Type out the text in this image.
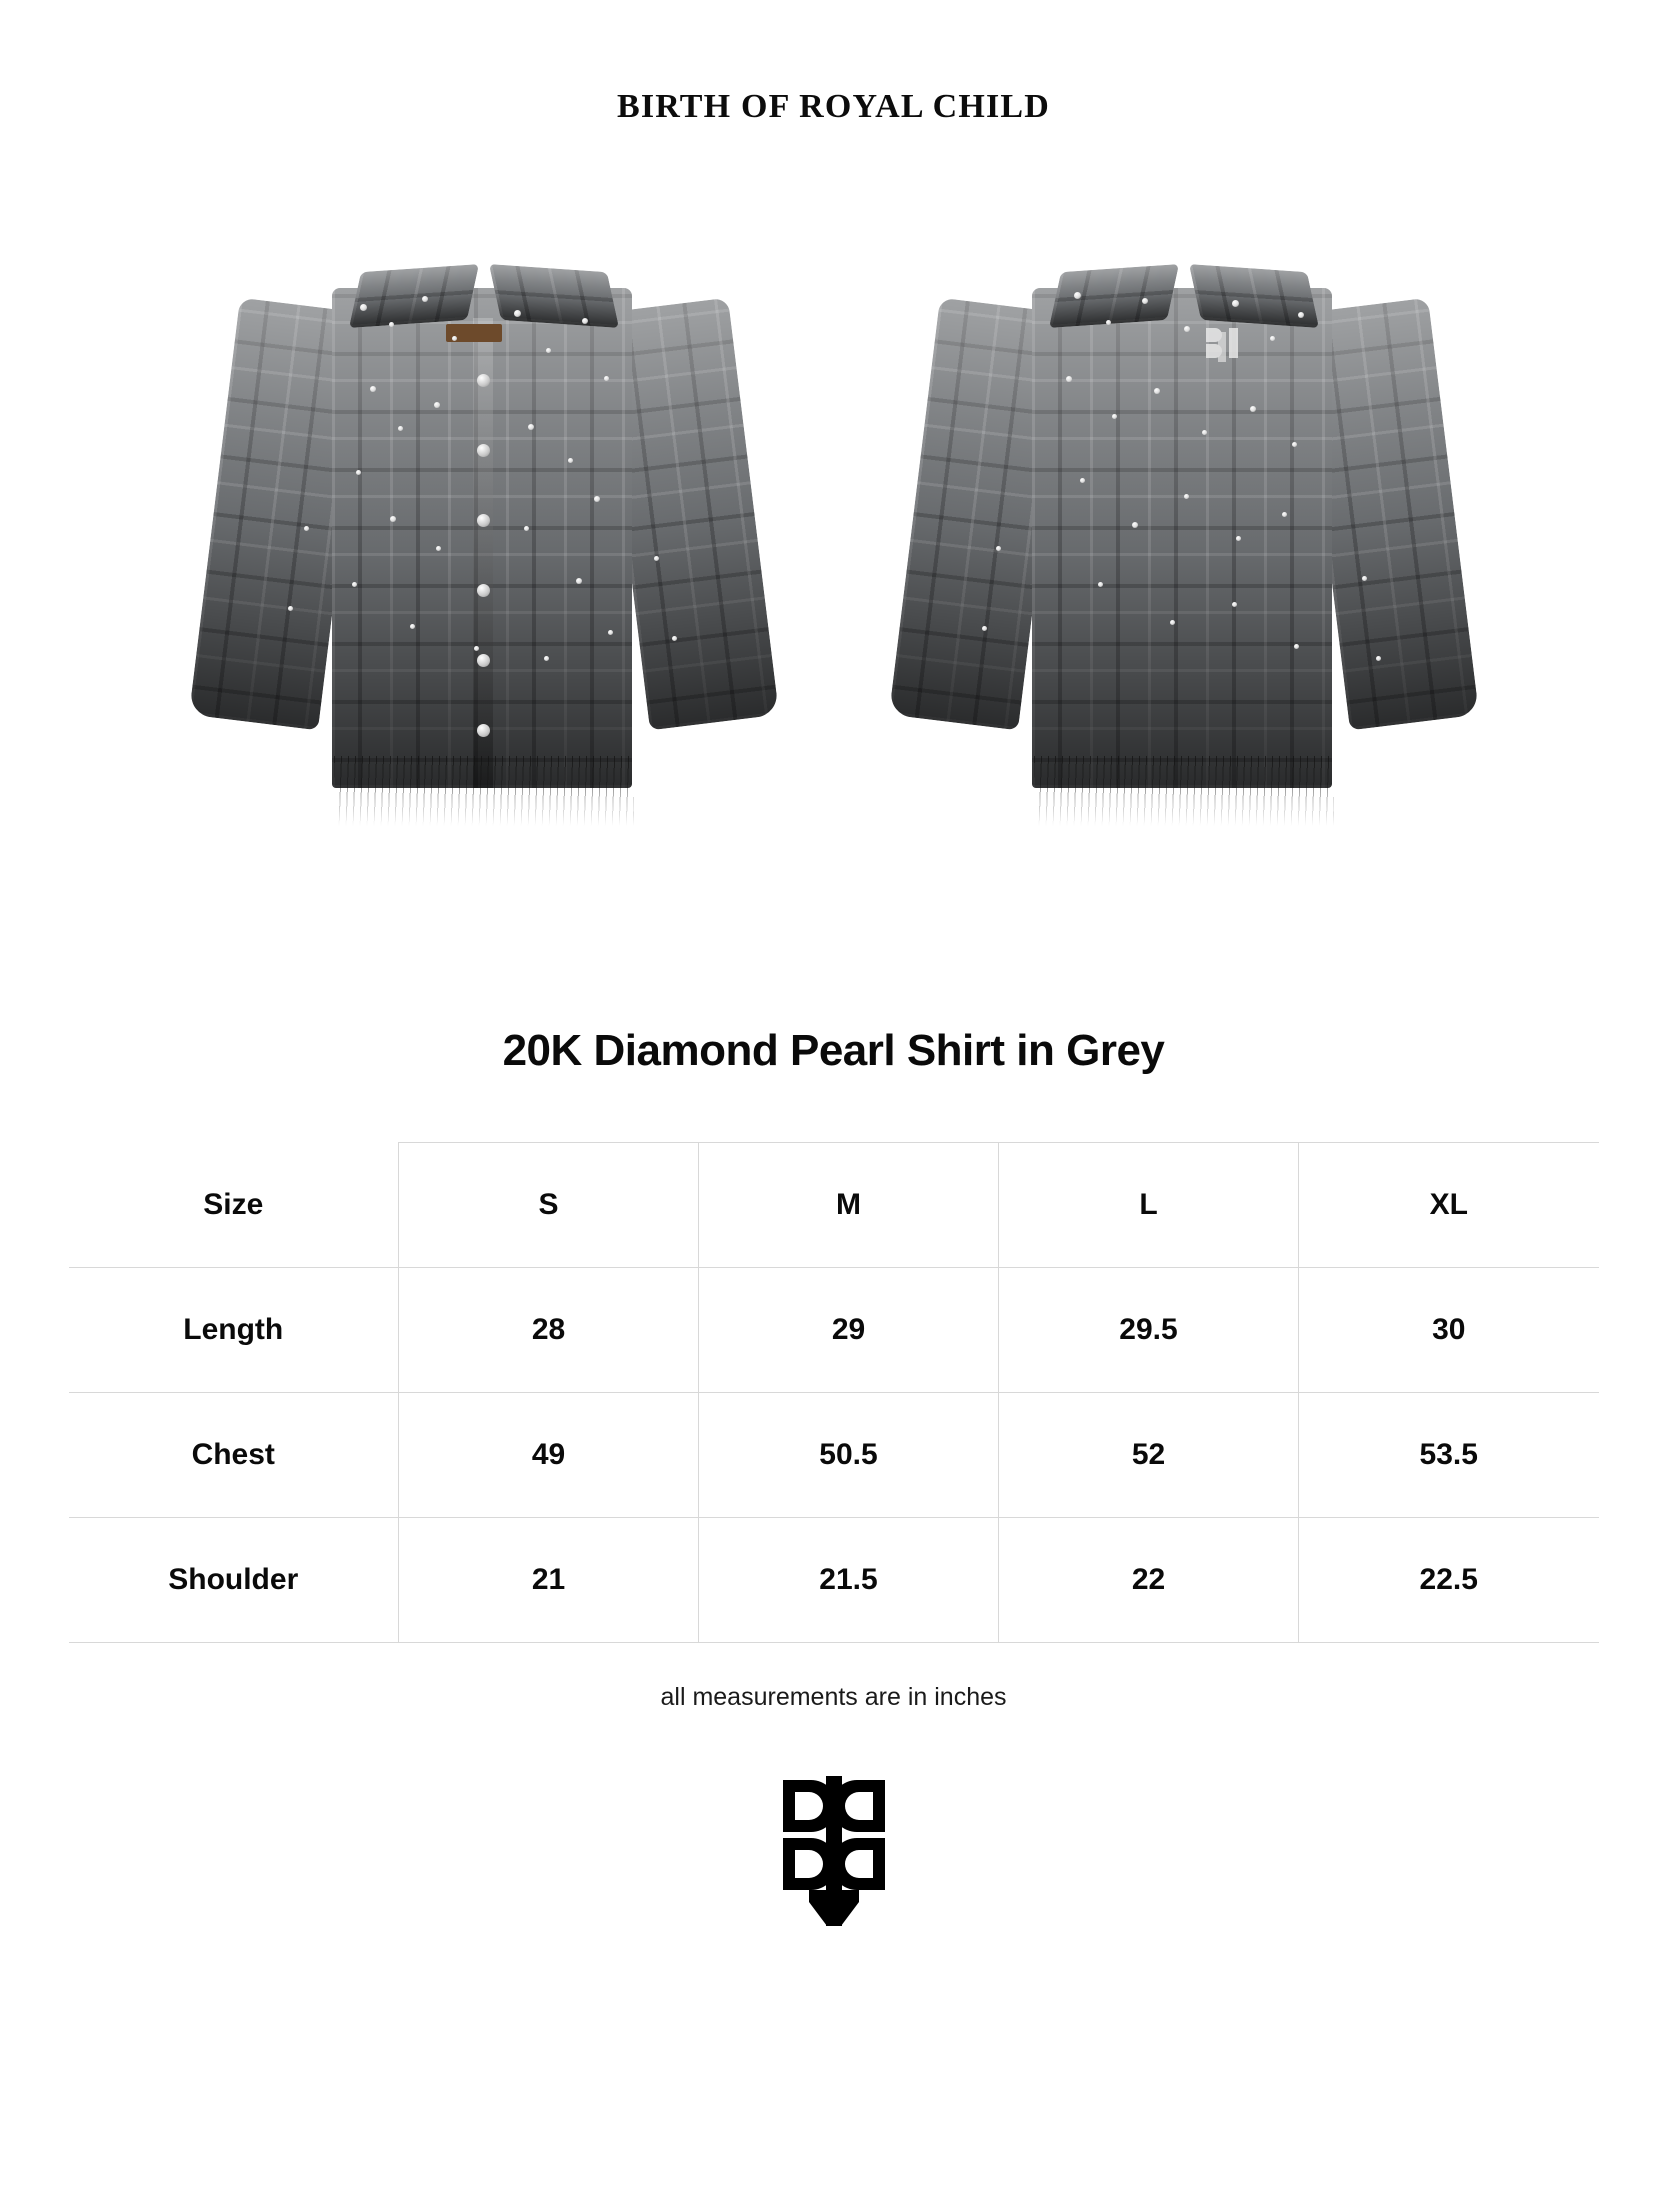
BIRTH OF ROYAL CHILD
20K Diamond Pearl Shirt in Grey
Size	S	M	L	XL
Length	28	29	29.5	30
Chest	49	50.5	52	53.5
Shoulder	21	21.5	22	22.5
all measurements are in inches
